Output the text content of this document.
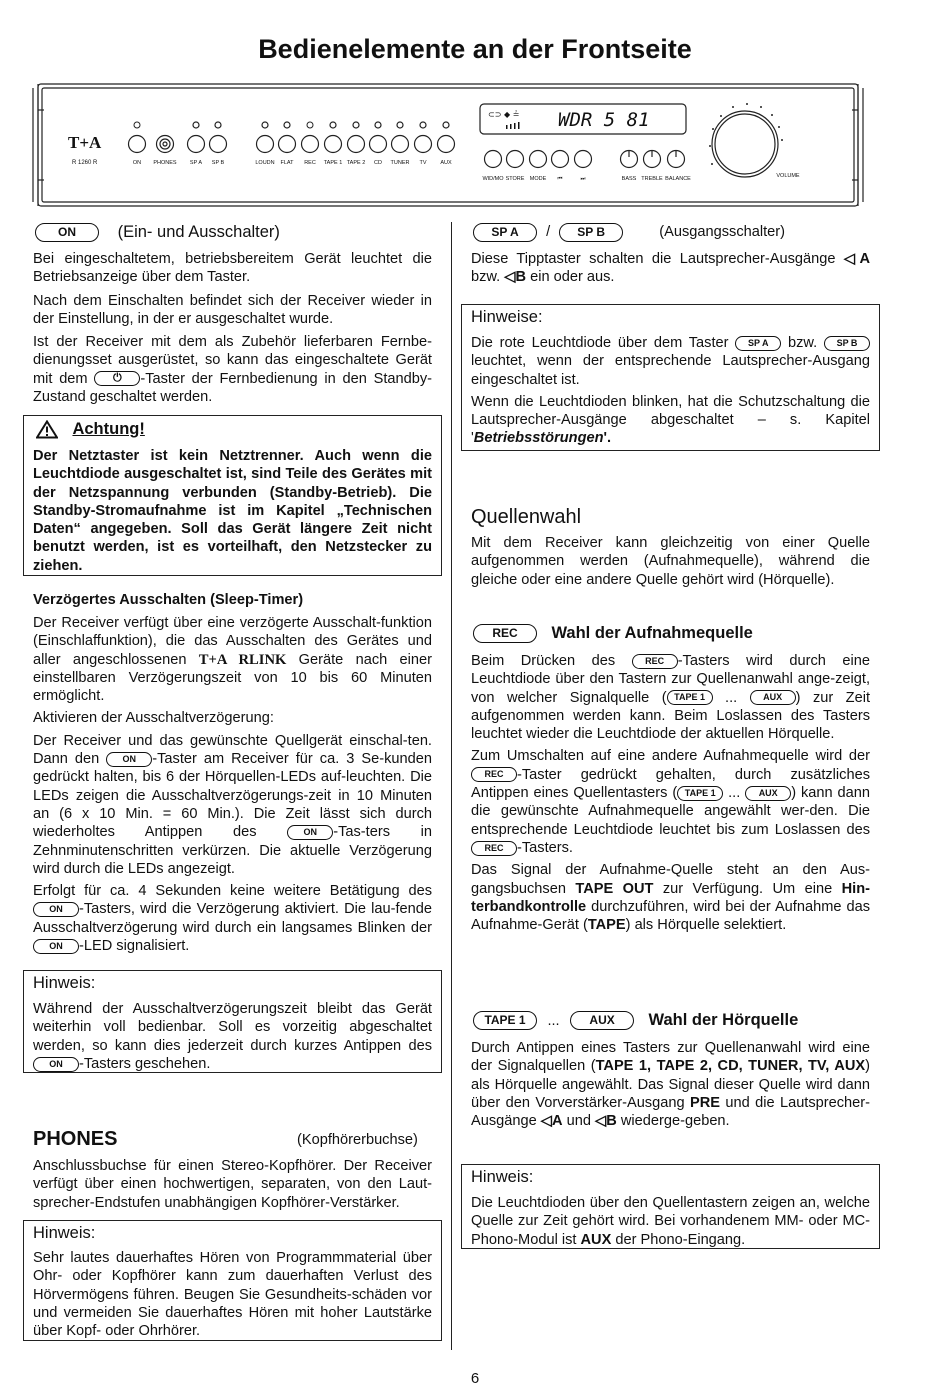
Bedienelemente an der Frontseite
T+A
R 1260 R
⊂⊃ ◆ ≟ WDR 5 81
ON PHONES SP A SP B	LOUDN FLAT REC TAPE 1 TAPE 2 CD TUNER TV	AUX
WID/MO STORE MODE ⏮	⏭	BASS TREBLE BALANCE	VOLUME
ON	(Ein- und Ausschalter)

Bei eingeschaltetem, betriebsbereitem Gerät leuchtet die Betriebsanzeige über dem Taster.

Nach dem Einschalten befindet sich der Receiver wieder in der Einstellung, in der er ausgeschaltet wurde.

Ist der Receiver mit dem als Zubehör lieferbaren Fernbe-dienungsset ausgerüstet, so kann das eingeschaltete Gerät mit dem ⏻ -Taster der Fernbedienung in den Standby-Zustand geschaltet werden.

Achtung!

Der Netztaster ist kein Netztrenner. Auch wenn die Leuchtdiode ausgeschaltet ist, sind Teile des Gerätes mit der Netzspannung verbunden (Standby-Betrieb). Die Standby-Stromaufnahme ist im Kapitel „Technischen Daten“ angegeben. Soll das Gerät längere Zeit nicht benutzt werden, ist es vorteilhaft, den Netzstecker zu ziehen.

Verzögertes Ausschalten (Sleep-Timer)

Der Receiver verfügt über eine verzögerte Ausschalt-funktion (Einschlaffunktion), die das Ausschalten des Gerätes und aller angeschlossenen T+A RLINK Geräte nach einer einstellbaren Verzögerungszeit von 10 bis 60 Minuten ermöglicht.

Aktivieren der Ausschaltverzögerung:

Der Receiver und das gewünschte Quellgerät einschal-ten. Dann den ON -Taster am Receiver für ca. 3 Se-kunden gedrückt halten, bis 6 der Hörquellen-LEDs auf-leuchten. Die LEDs zeigen die Ausschaltverzögerungs-zeit in 10 Minuten an (6 x 10 Min. = 60 Min.). Die Zeit lässt sich durch wiederholtes Antippen des ON -Tas-ters in Zehnminutenschritten verkürzen. Die aktuelle Verzögerung wird durch die LEDs angezeigt.

Erfolgt für ca. 4 Sekunden keine weitere Betätigung des ON -Tasters, wird die Verzögerung aktiviert. Die lau-fende Ausschaltverzögerung wird durch ein langsames Blinken der ON -LED signalisiert.

Hinweis:

Während der Ausschaltverzögerungszeit bleibt das Gerät weiterhin voll bedienbar. Soll es vorzeitig abgeschaltet werden, so kann dies jederzeit durch kurzes Antippen des ON -Tasters geschehen.

PHONES	(Kopfhörerbuchse)

Anschlussbuchse für einen Stereo-Kopfhörer. Der Receiver verfügt über einen hochwertigen, separaten, von den Laut-sprecher-Endstufen unabhängigen Kopfhörer-Verstärker.

Hinweis:

Sehr lautes dauerhaftes Hören von Programmmaterial über Ohr- oder Kopfhörer kann zum dauerhaften Verlust des Hörvermögens führen. Beugen Sie Gesundheits-schäden vor und vermeiden Sie dauerhaftes Hören mit hoher Lautstärke über Kopf- oder Ohrhörer.

SP A / SP B	(Ausgangsschalter)

Diese Tipptaster schalten die Lautsprecher-Ausgänge ◁A bzw. ◁B ein oder aus.

Hinweise:

Die rote Leuchtdiode über dem Taster SP A bzw. SP B leuchtet, wenn der entsprechende Lautsprecher-Ausgang eingeschaltet ist.

Wenn die Leuchtdioden blinken, hat die Schutzschaltung die Lautsprecher-Ausgänge abgeschaltet – s. Kapitel 'Betriebsstörungen'.

Quellenwahl

Mit dem Receiver kann gleichzeitig von einer Quelle aufgenommen werden (Aufnahmequelle), während die gleiche oder eine andere Quelle gehört wird (Hörquelle).

REC Wahl der Aufnahmequelle

Beim Drücken des REC -Tasters wird durch eine Leuchtdiode über den Tastern zur Quellenanwahl ange-zeigt, von welcher Signalquelle ( TAPE 1 ... AUX ) zur Zeit aufgenommen werden kann. Beim Loslassen des Tasters leuchtet wieder die Leuchtdiode der aktuellen Hörquelle.

Zum Umschalten auf eine andere Aufnahmequelle wird der REC -Taster gedrückt gehalten, durch zusätzliches Antippen eines Quellentasters ( TAPE 1 ... AUX ) kann dann die gewünschte Aufnahmequelle angewählt wer-den. Die entsprechende Leuchtdiode leuchtet bis zum Loslassen des REC -Tasters.

Das Signal der Aufnahme-Quelle steht an den Aus-gangsbuchsen TAPE OUT zur Verfügung. Um eine Hin-terbandkontrolle durchzuführen, wird bei der Aufnahme das Aufnahme-Gerät (TAPE) als Hörquelle selektiert.

TAPE 1 ... AUX Wahl der Hörquelle

Durch Antippen eines Tasters zur Quellenanwahl wird eine der Signalquellen (TAPE 1, TAPE 2, CD, TUNER, TV, AUX) als Hörquelle angewählt. Das Signal dieser Quelle wird dann über den Vorverstärker-Ausgang PRE und die Lautsprecher-Ausgänge ◁A und ◁B wiederge-geben.

Hinweis:

Die Leuchtdioden über den Quellentastern zeigen an, welche Quelle zur Zeit gehört wird. Bei vorhandenem MM- oder MC-Phono-Modul ist AUX der Phono-Eingang.

6
